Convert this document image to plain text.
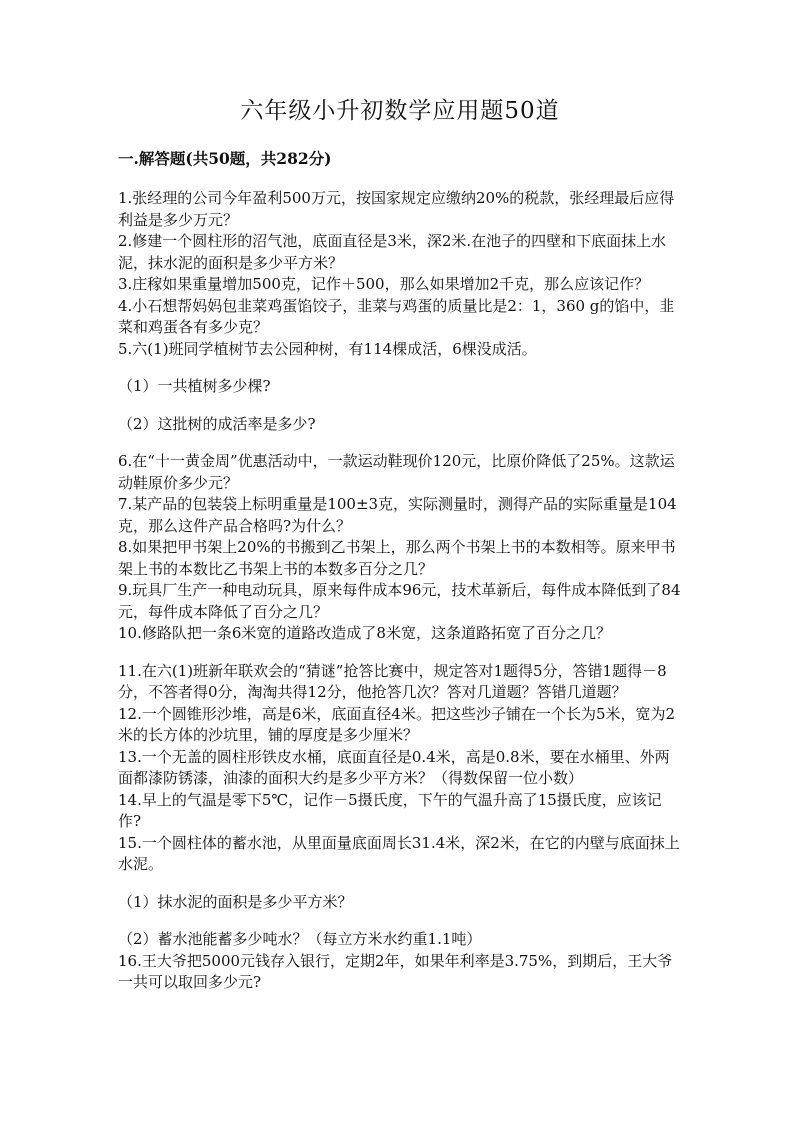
六年级小升初数学应用题50道
一.解答题(共50题，共282分)

1.张经理的公司今年盈利500万元，按国家规定应缴纳20%的税款，张经理最后应得利益是多少万元？

2.修建一个圆柱形的沼气池，底面直径是3米，深2米.在池子的四壁和下底面抹上水泥，抹水泥的面积是多少平方米？

3.庄稼如果重量增加500克，记作＋500，那么如果增加2千克，那么应该记作？

4.小石想帮妈妈包韭菜鸡蛋馅饺子，韭菜与鸡蛋的质量比是2：1，360 g的馅中，韭菜和鸡蛋各有多少克？

5.六(1)班同学植树节去公园种树，有114棵成活，6棵没成活。

（1）一共植树多少棵?

（2）这批树的成活率是多少?

6.在“十一黄金周”优惠活动中，一款运动鞋现价120元，比原价降低了25%。这款运动鞋原价多少元？

7.某产品的包装袋上标明重量是100±3克，实际测量时，测得产品的实际重量是104克，那么这件产品合格吗?为什么？

8.如果把甲书架上20%的书搬到乙书架上，那么两个书架上书的本数相等。原来甲书架上书的本数比乙书架上书的本数多百分之几？

9.玩具厂生产一种电动玩具，原来每件成本96元，技术革新后，每件成本降低到了84元，每件成本降低了百分之几？

10.修路队把一条6米宽的道路改造成了8米宽，这条道路拓宽了百分之几？

11.在六(1)班新年联欢会的“猜谜”抢答比赛中，规定答对1题得5分，答错1题得－8分，不答者得0分，淘淘共得12分，他抢答几次？答对几道题？答错几道题？

12.一个圆锥形沙堆，高是6米，底面直径4米。把这些沙子铺在一个长为5米，宽为2米的长方体的沙坑里，铺的厚度是多少厘米？

13.一个无盖的圆柱形铁皮水桶，底面直径是0.4米，高是0.8米，要在水桶里、外两面都漆防锈漆，油漆的面积大约是多少平方米？（得数保留一位小数）

14.早上的气温是零下5℃，记作－5摄氏度，下午的气温升高了15摄氏度，应该记作?

15.一个圆柱体的蓄水池，从里面量底面周长31.4米，深2米，在它的内壁与底面抹上水泥。

（1）抹水泥的面积是多少平方米？

（2）蓄水池能蓄多少吨水？（每立方米水约重1.1吨）

16.王大爷把5000元钱存入银行，定期2年，如果年利率是3.75%，到期后，王大爷一共可以取回多少元?
